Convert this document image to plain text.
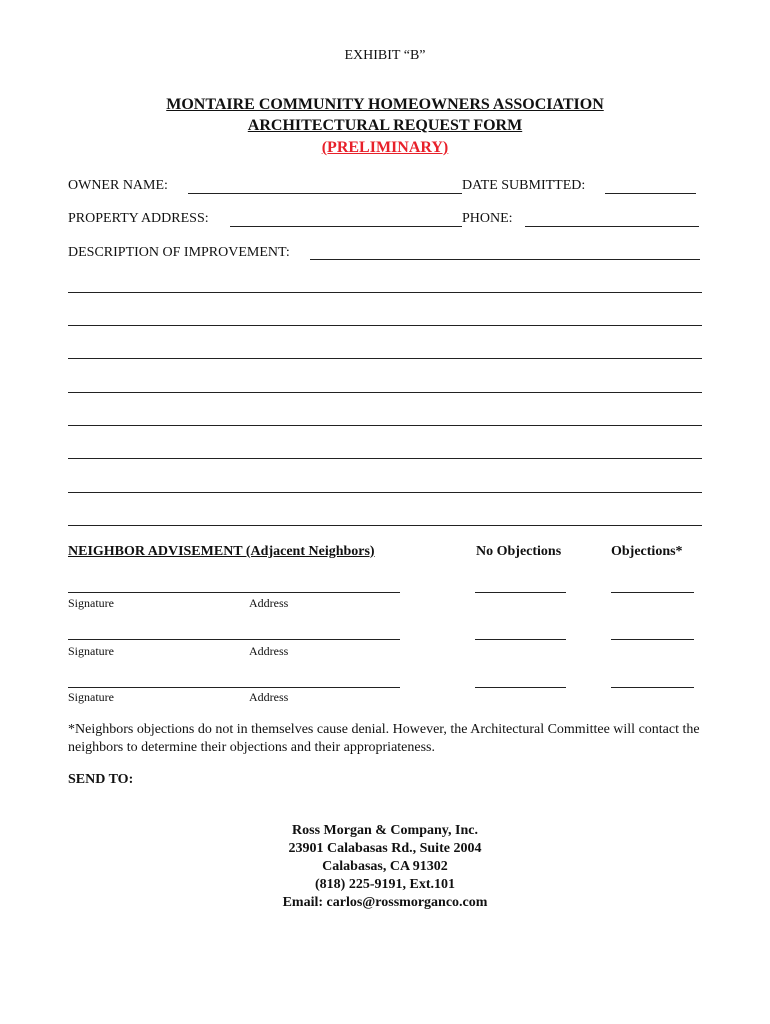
EXHIBIT “B”
MONTAIRE COMMUNITY HOMEOWNERS ASSOCIATION
ARCHITECTURAL REQUEST FORM
(PRELIMINARY)
OWNER NAME:	DATE SUBMITTED:
PROPERTY ADDRESS:	PHONE:
DESCRIPTION OF IMPROVEMENT:
NEIGHBOR ADVISEMENT (Adjacent Neighbors)	No Objections	Objections*
Signature	Address
Signature	Address
Signature	Address
*Neighbors objections do not in themselves cause denial. However, the Architectural Committee will contact the neighbors to determine their objections and their appropriateness.
SEND TO:
Ross Morgan & Company, Inc.
23901 Calabasas Rd., Suite 2004
Calabasas, CA 91302
(818) 225-9191, Ext.101
Email: carlos@rossmorganco.com
